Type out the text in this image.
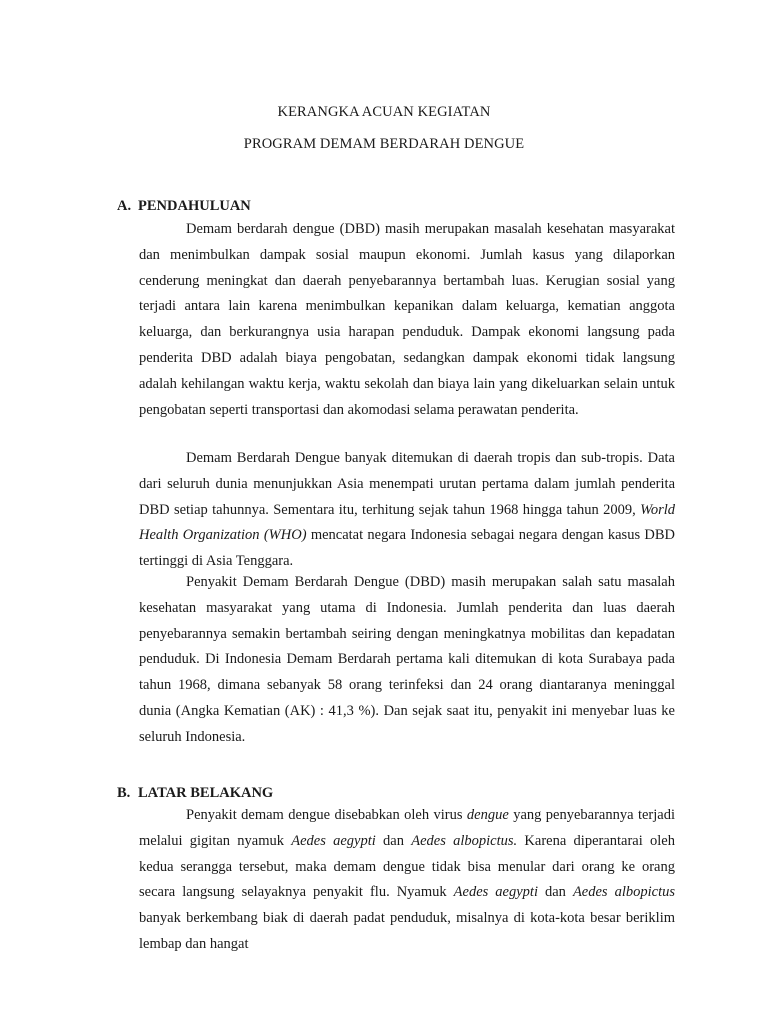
KERANGKA ACUAN KEGIATAN
PROGRAM DEMAM BERDARAH DENGUE
A. PENDAHULUAN

Demam berdarah dengue (DBD) masih merupakan masalah kesehatan masyarakat dan menimbulkan dampak sosial maupun ekonomi. Jumlah kasus yang dilaporkan cenderung meningkat dan daerah penyebarannya bertambah luas. Kerugian sosial yang terjadi antara lain karena menimbulkan kepanikan dalam keluarga, kematian anggota keluarga, dan berkurangnya usia harapan penduduk. Dampak ekonomi langsung pada penderita DBD adalah biaya pengobatan, sedangkan dampak ekonomi tidak langsung adalah kehilangan waktu kerja, waktu sekolah dan biaya lain yang dikeluarkan selain untuk pengobatan seperti transportasi dan akomodasi selama perawatan penderita.

Demam Berdarah Dengue banyak ditemukan di daerah tropis dan sub-tropis. Data dari seluruh dunia menunjukkan Asia menempati urutan pertama dalam jumlah penderita DBD setiap tahunnya. Sementara itu, terhitung sejak tahun 1968 hingga tahun 2009, World Health Organization (WHO) mencatat negara Indonesia sebagai negara dengan kasus DBD tertinggi di Asia Tenggara.

Penyakit Demam Berdarah Dengue (DBD) masih merupakan salah satu masalah kesehatan masyarakat yang utama di Indonesia. Jumlah penderita dan luas daerah penyebarannya semakin bertambah seiring dengan meningkatnya mobilitas dan kepadatan penduduk. Di Indonesia Demam Berdarah pertama kali ditemukan di kota Surabaya pada tahun 1968, dimana sebanyak 58 orang terinfeksi dan 24 orang diantaranya meninggal dunia (Angka Kematian (AK) : 41,3 %). Dan sejak saat itu, penyakit ini menyebar luas ke seluruh Indonesia.

B. LATAR BELAKANG

Penyakit demam dengue disebabkan oleh virus dengue yang penyebarannya terjadi melalui gigitan nyamuk Aedes aegypti dan Aedes albopictus. Karena diperantarai oleh kedua serangga tersebut, maka demam dengue tidak bisa menular dari orang ke orang secara langsung selayaknya penyakit flu. Nyamuk Aedes aegypti dan Aedes albopictus banyak berkembang biak di daerah padat penduduk, misalnya di kota-kota besar beriklim lembap dan hangat
